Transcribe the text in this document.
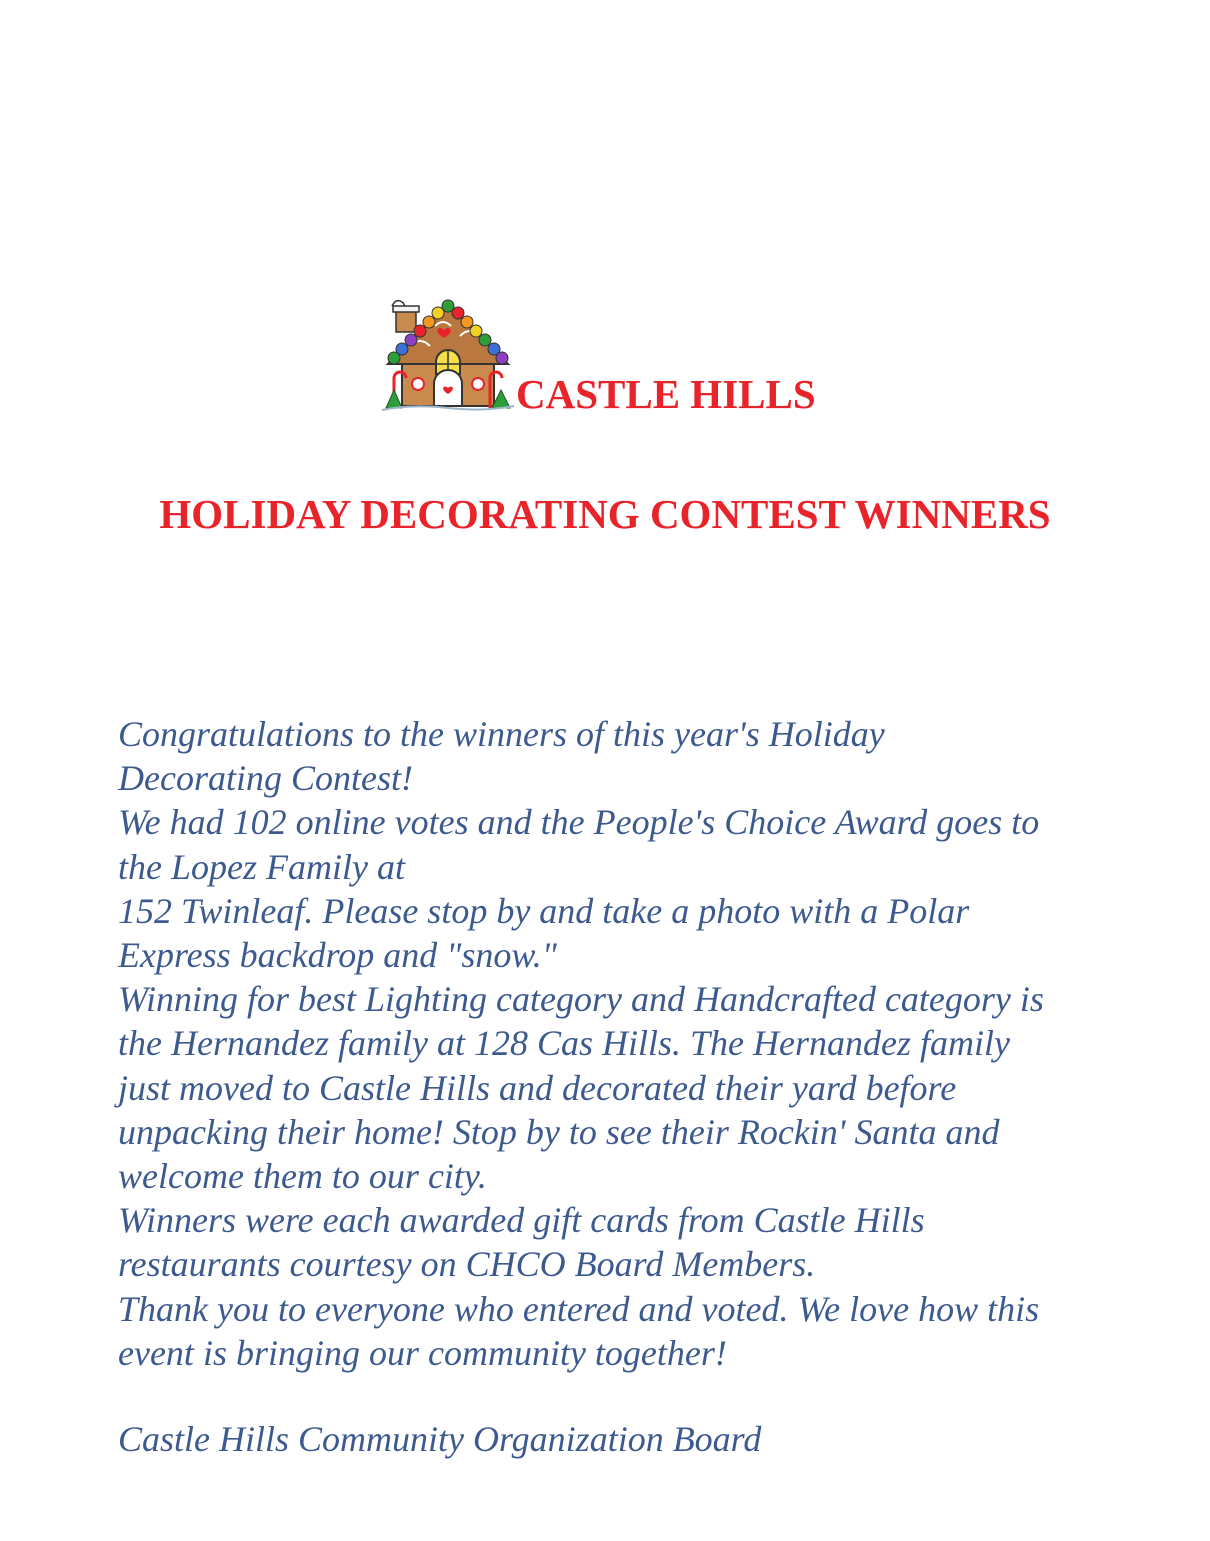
CASTLE HILLS
HOLIDAY DECORATING CONTEST WINNERS

Congratulations to the winners of this year's Holiday

Decorating Contest!

We had 102 online votes and the People's Choice Award goes to

the Lopez Family at

152 Twinleaf. Please stop by and take a photo with a Polar

Express backdrop and "snow."

Winning for best Lighting category and Handcrafted category is

the Hernandez family at 128 Cas Hills. The Hernandez family

just moved to Castle Hills and decorated their yard before

unpacking their home! Stop by to see their Rockin' Santa and

welcome them to our city.

Winners were each awarded gift cards from Castle Hills

restaurants courtesy on CHCO Board Members.

Thank you to everyone who entered and voted. We love how this

event is bringing our community together!

Castle Hills Community Organization Board
